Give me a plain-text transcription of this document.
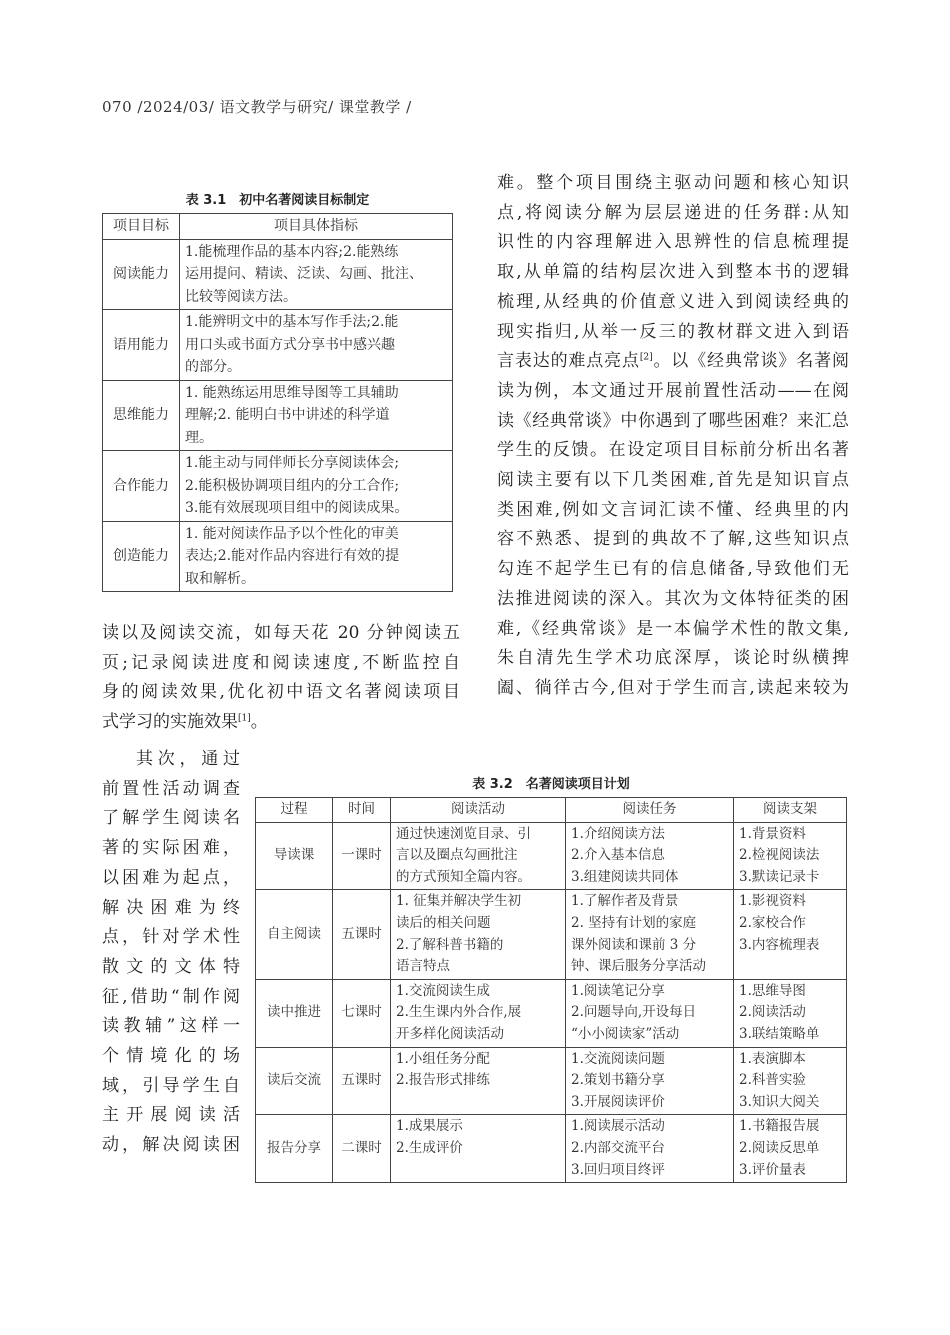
070 /2024/03/ 语文教学与研究/ 课堂教学 /
表 3.1　初中名著阅读目标制定
项目目标	项目具体指标
阅读能力	1.能梳理作品的基本内容;2.能熟练
运用提问、精读、泛读、勾画、批注、
比较等阅读方法。

语用能力	1.能辨明文中的基本写作手法;2.能
用口头或书面方式分享书中感兴趣
的部分。

思维能力	1. 能熟练运用思维导图等工具辅助
理解;2. 能明白书中讲述的科学道
理。

合作能力	1.能主动与同伴师长分享阅读体会;
2.能积极协调项目组内的分工合作;
3.能有效展现项目组中的阅读成果。

创造能力	1. 能对阅读作品予以个性化的审美
表达;2.能对作品内容进行有效的提
取和解析。
难。整个项目围绕主驱动问题和核心知识
点,将阅读分解为层层递进的任务群:从知
识性的内容理解进入思辨性的信息梳理提
取,从单篇的结构层次进入到整本书的逻辑
梳理,从经典的价值意义进入到阅读经典的
现实指归,从举一反三的教材群文进入到语
言表达的难点亮点[2]。以《经典常谈》名著阅
读为例，本文通过开展前置性活动——在阅
读《经典常谈》中你遇到了哪些困难？来汇总
学生的反馈。在设定项目目标前分析出名著
阅读主要有以下几类困难,首先是知识盲点
类困难,例如文言词汇读不懂、经典里的内
容不熟悉、提到的典故不了解,这些知识点
勾连不起学生已有的信息储备,导致他们无
法推进阅读的深入。其次为文体特征类的困
难,《经典常谈》是一本偏学术性的散文集,
朱自清先生学术功底深厚，谈论时纵横捭
阖、徜徉古今,但对于学生而言,读起来较为
读以及阅读交流，如每天花 20 分钟阅读五
页;记录阅读进度和阅读速度,不断监控自
身的阅读效果,优化初中语文名著阅读项目
式学习的实施效果[1]。
其次，通过
前置性活动调查
了解学生阅读名
著的实际困难，
以困难为起点，
解决困难为终
点，针对学术性
散文的文体特
征,借助“制作阅
读教辅”这样一
个情境化的场
域，引导学生自
主开展阅读活
动，解决阅读困
表 3.2　名著阅读项目计划
过程	时间	阅读活动	阅读任务	阅读支架
导读课	一课时	通过快速浏览目录、引
言以及圈点勾画批注
的方式预知全篇内容。	1.介绍阅读方法
2.介入基本信息
3.组建阅读共同体	1.背景资料
2.检视阅读法
3.默读记录卡

自主阅读	五课时	1. 征集并解决学生初
读后的相关问题
2.了解科普书籍的
语言特点	1.了解作者及背景
2. 坚持有计划的家庭
课外阅读和课前 3 分
钟、课后服务分享活动	1.影视资料
2.家校合作
3.内容梳理表

读中推进	七课时	1.交流阅读生成
2.生生课内外合作,展
开多样化阅读活动	1.阅读笔记分享
2.问题导向,开设每日
“小小阅读家”活动	1.思维导图
2.阅读活动
3.联结策略单

读后交流	五课时	1.小组任务分配
2.报告形式排练	1.交流阅读问题
2.策划书籍分享
3.开展阅读评价	1.表演脚本
2.科普实验
3.知识大阅关

报告分享	二课时	1.成果展示
2.生成评价	1.阅读展示活动
2.内部交流平台
3.回归项目终评	1.书籍报告展
2.阅读反思单
3.评价量表
